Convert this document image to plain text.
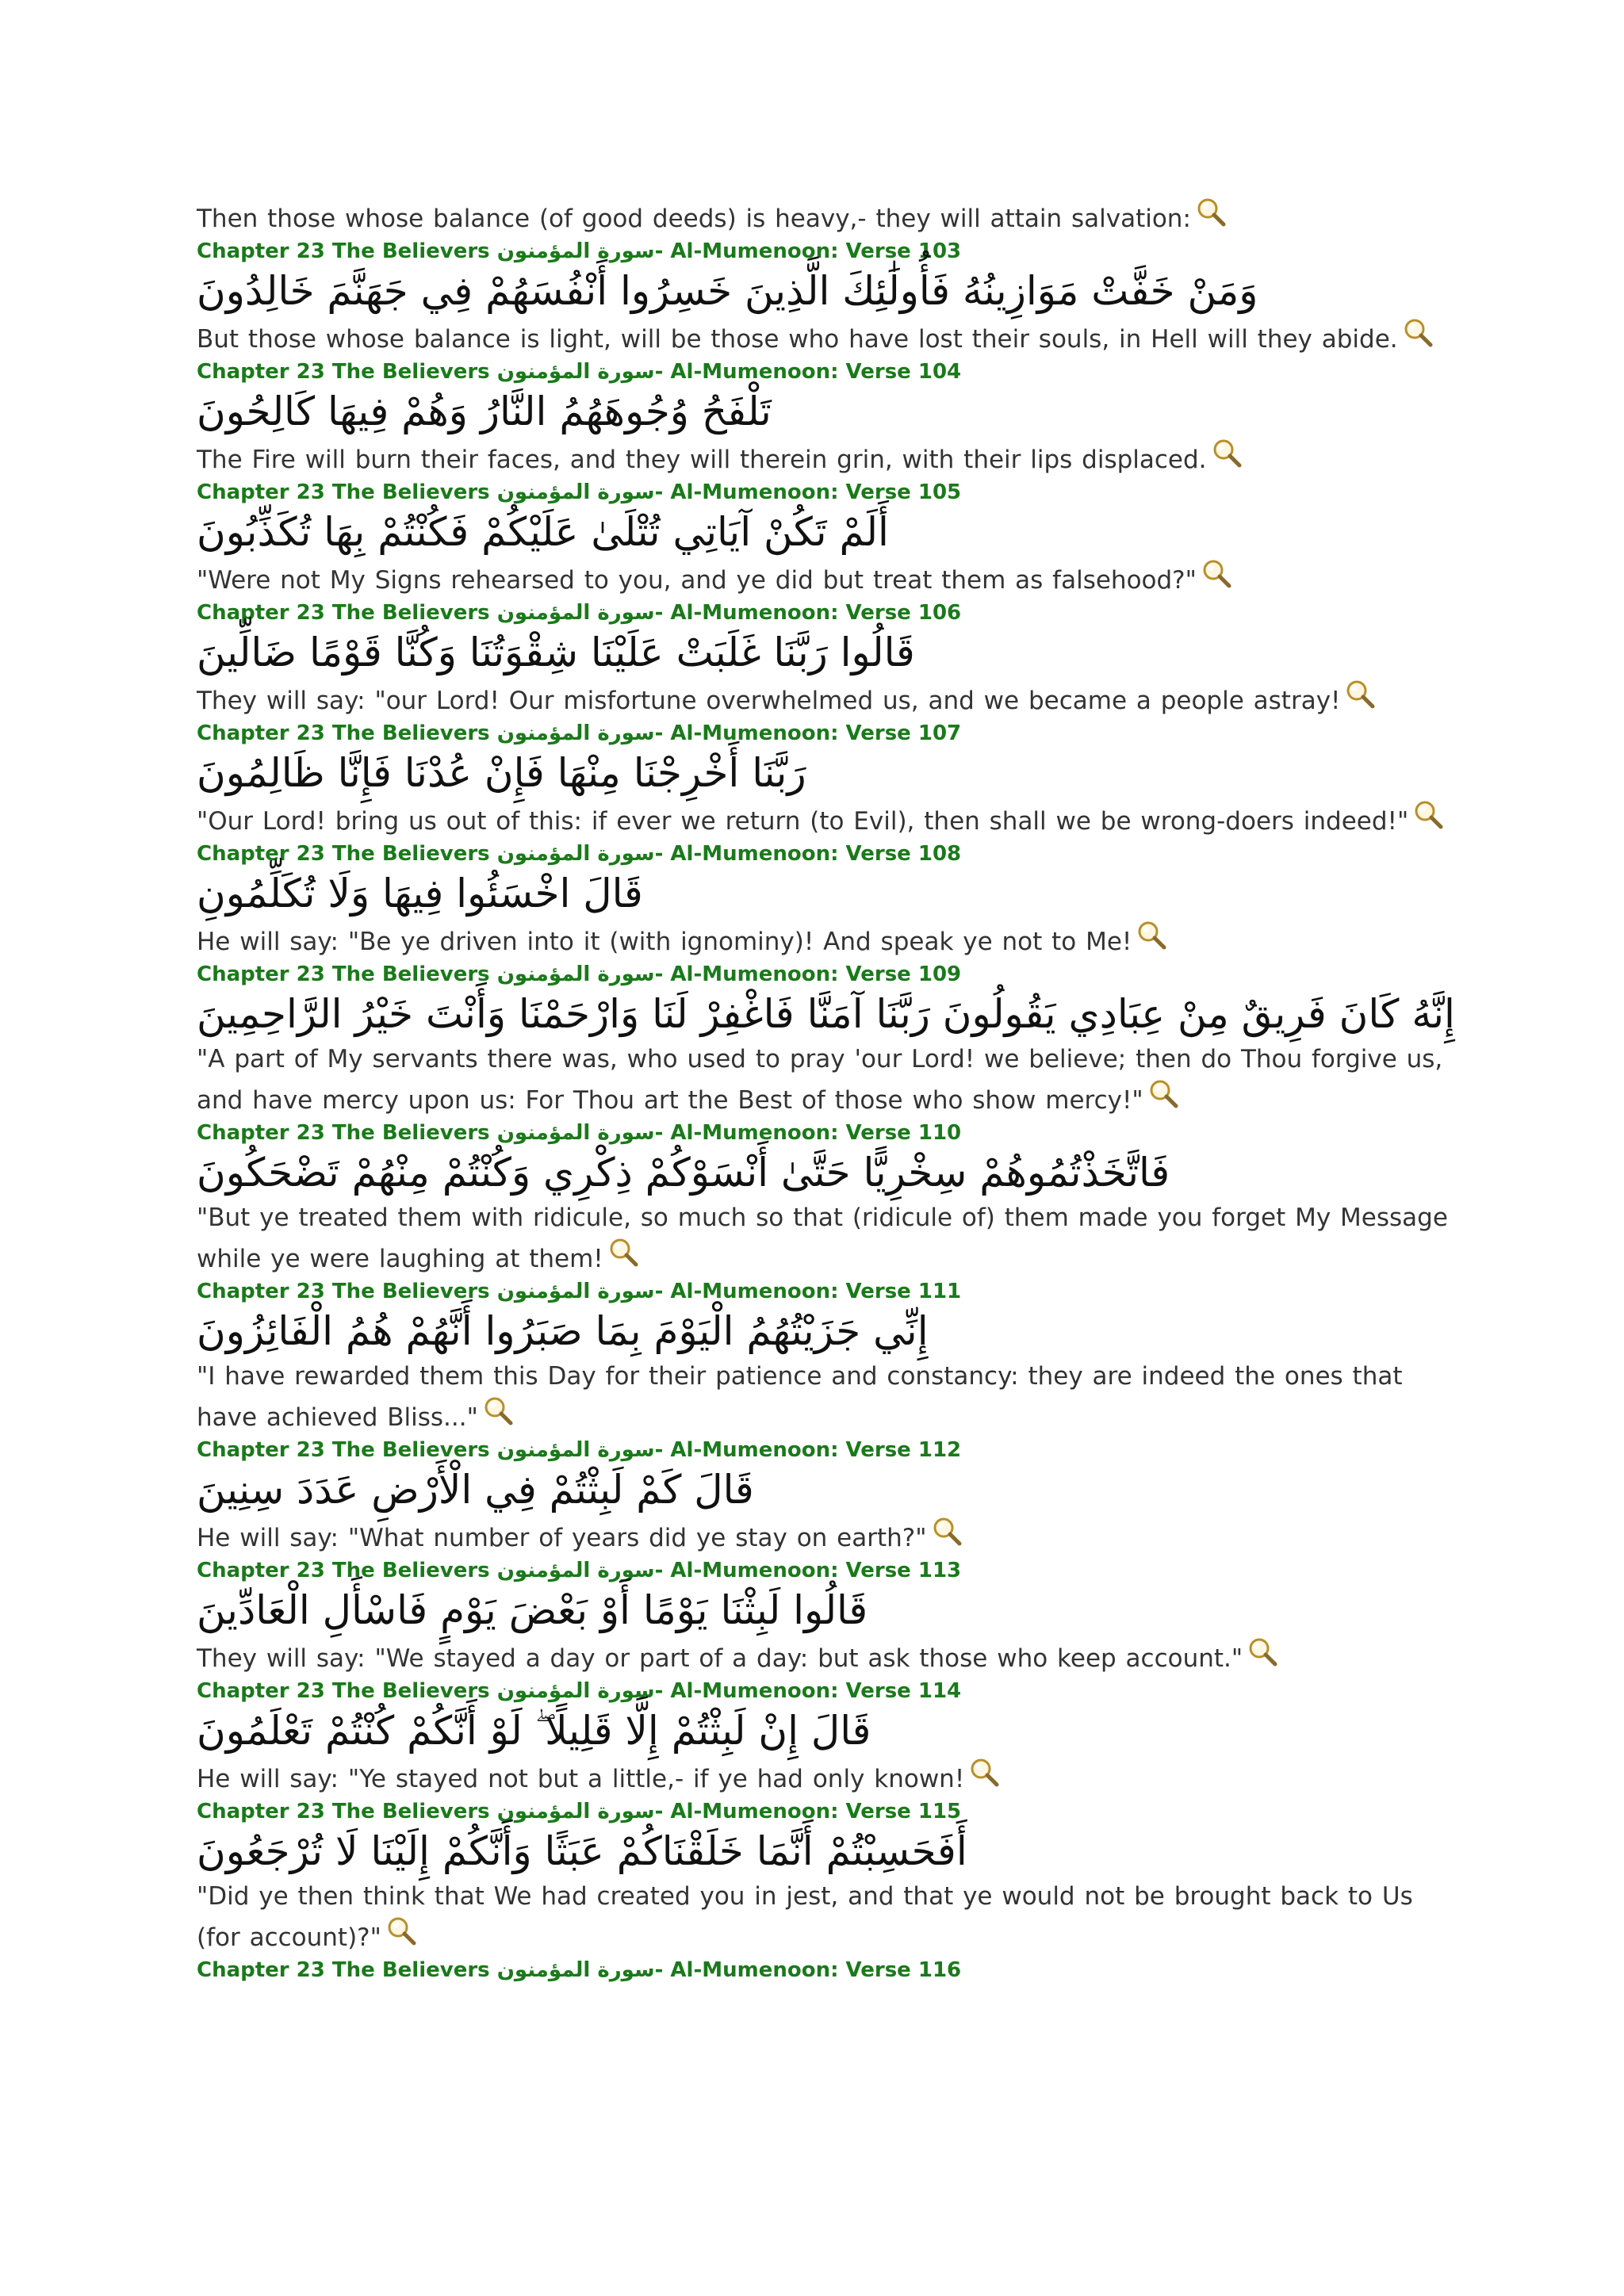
Then those whose balance (of good deeds) is heavy,- they will attain salvation:

Chapter 23 The Believers سورة المؤمنون- Al-Mumenoon: Verse 103

وَمَنْ خَفَّتْ مَوَازِينُهُ فَأُولَٰئِكَ الَّذِينَ خَسِرُوا أَنْفُسَهُمْ فِي جَهَنَّمَ خَالِدُونَ

But those whose balance is light, will be those who have lost their souls, in Hell will they abide.

Chapter 23 The Believers سورة المؤمنون- Al-Mumenoon: Verse 104

تَلْفَحُ وُجُوهَهُمُ النَّارُ وَهُمْ فِيهَا كَالِحُونَ

The Fire will burn their faces, and they will therein grin, with their lips displaced.

Chapter 23 The Believers سورة المؤمنون- Al-Mumenoon: Verse 105

أَلَمْ تَكُنْ آيَاتِي تُتْلَىٰ عَلَيْكُمْ فَكُنْتُمْ بِهَا تُكَذِّبُونَ

"Were not My Signs rehearsed to you, and ye did but treat them as falsehood?"

Chapter 23 The Believers سورة المؤمنون- Al-Mumenoon: Verse 106

قَالُوا رَبَّنَا غَلَبَتْ عَلَيْنَا شِقْوَتُنَا وَكُنَّا قَوْمًا ضَالِّينَ

They will say: "our Lord! Our misfortune overwhelmed us, and we became a people astray!

Chapter 23 The Believers سورة المؤمنون- Al-Mumenoon: Verse 107

رَبَّنَا أَخْرِجْنَا مِنْهَا فَإِنْ عُدْنَا فَإِنَّا ظَالِمُونَ

"Our Lord! bring us out of this: if ever we return (to Evil), then shall we be wrong-doers indeed!"

Chapter 23 The Believers سورة المؤمنون- Al-Mumenoon: Verse 108

قَالَ اخْسَئُوا فِيهَا وَلَا تُكَلِّمُونِ

He will say: "Be ye driven into it (with ignominy)! And speak ye not to Me!

Chapter 23 The Believers سورة المؤمنون- Al-Mumenoon: Verse 109

إِنَّهُ كَانَ فَرِيقٌ مِنْ عِبَادِي يَقُولُونَ رَبَّنَا آمَنَّا فَاغْفِرْ لَنَا وَارْحَمْنَا وَأَنْتَ خَيْرُ الرَّاحِمِينَ

"A part of My servants there was, who used to pray 'our Lord! we believe; then do Thou forgive us, and have mercy upon us: For Thou art the Best of those who show mercy!"

Chapter 23 The Believers سورة المؤمنون- Al-Mumenoon: Verse 110

فَاتَّخَذْتُمُوهُمْ سِخْرِيًّا حَتَّىٰ أَنْسَوْكُمْ ذِكْرِي وَكُنْتُمْ مِنْهُمْ تَضْحَكُونَ

"But ye treated them with ridicule, so much so that (ridicule of) them made you forget My Message while ye were laughing at them!

Chapter 23 The Believers سورة المؤمنون- Al-Mumenoon: Verse 111

إِنِّي جَزَيْتُهُمُ الْيَوْمَ بِمَا صَبَرُوا أَنَّهُمْ هُمُ الْفَائِزُونَ

"I have rewarded them this Day for their patience and constancy: they are indeed the ones that have achieved Bliss..."

Chapter 23 The Believers سورة المؤمنون- Al-Mumenoon: Verse 112

قَالَ كَمْ لَبِثْتُمْ فِي الْأَرْضِ عَدَدَ سِنِينَ

He will say: "What number of years did ye stay on earth?"

Chapter 23 The Believers سورة المؤمنون- Al-Mumenoon: Verse 113

قَالُوا لَبِثْنَا يَوْمًا أَوْ بَعْضَ يَوْمٍ فَاسْأَلِ الْعَادِّينَ

They will say: "We stayed a day or part of a day: but ask those who keep account."

Chapter 23 The Believers سورة المؤمنون- Al-Mumenoon: Verse 114

قَالَ إِنْ لَبِثْتُمْ إِلَّا قَلِيلًا ۖ لَوْ أَنَّكُمْ كُنْتُمْ تَعْلَمُونَ

He will say: "Ye stayed not but a little,- if ye had only known!

Chapter 23 The Believers سورة المؤمنون- Al-Mumenoon: Verse 115

أَفَحَسِبْتُمْ أَنَّمَا خَلَقْنَاكُمْ عَبَثًا وَأَنَّكُمْ إِلَيْنَا لَا تُرْجَعُونَ

"Did ye then think that We had created you in jest, and that ye would not be brought back to Us (for account)?"

Chapter 23 The Believers سورة المؤمنون- Al-Mumenoon: Verse 116
